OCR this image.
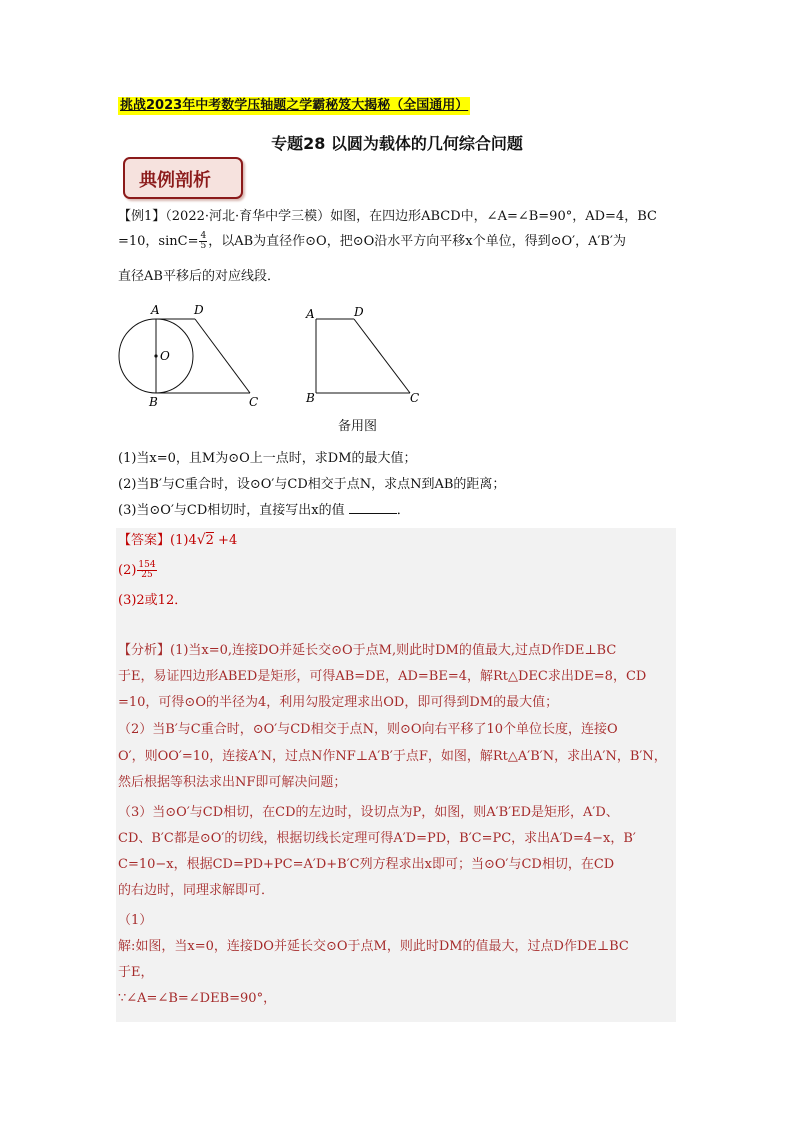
挑战2023年中考数学压轴题之学霸秘笈大揭秘（全国通用）
专题28 以圆为载体的几何综合问题
典例剖析
【例1】（2022·河北·育华中学三模）如图，在四边形ABCD中，∠A=∠B=90°，AD=4，BC
=10，$\sin C= \frac{4}{5}$ ，以AB为直径作⊙O，把⊙O沿水平方向平移x个单位，得到⊙O′，A′B′为
直径AB平移后的对应线段．
A	D
O
B	C
A	D
B	C
备用图
(1)当x=0，且M为⊙O上一点时，求DM的最大值；
(2)当B′与C重合时，设⊙O′与CD相交于点N，求点N到AB的距离；
(3)当⊙O′与CD相切时，直接写出x的值	．
【答案】(1)4√2 +4
$(2) \frac{154}{25}$
(3)2或12．
【分析】(1)当x=0,连接DO并延长交⊙O于点M,则此时DM的值最大,过点D作DE⊥BC
于E，易证四边形ABED是矩形，可得AB=DE，AD=BE=4，解Rt△DEC求出DE=8，CD
=10，可得⊙O的半径为4，利用勾股定理求出OD，即可得到DM的最大值；
（2）当B′与C重合时，⊙O′与CD相交于点N，则⊙O向右平移了10个单位长度，连接O
O′，则OO′=10，连接A′N，过点N作NF⊥A′B′于点F，如图，解Rt△A′B′N，求出A′N，B′N，
然后根据等积法求出NF即可解决问题；
（3）当⊙O′与CD相切，在CD的左边时，设切点为P，如图，则A′B′ED是矩形，A′D、
CD、B′C都是⊙O′的切线，根据切线长定理可得A′D=PD，B′C=PC，求出A′D=4−x，B′
C=10−x，根据CD=PD+PC=A′D+B′C列方程求出x即可；当⊙O′与CD相切，在CD
的右边时，同理求解即可．
（1）
解:如图，当x=0，连接DO并延长交⊙O于点M，则此时DM的值最大，过点D作DE⊥BC
于E，
∵∠A=∠B=∠DEB=90°，
